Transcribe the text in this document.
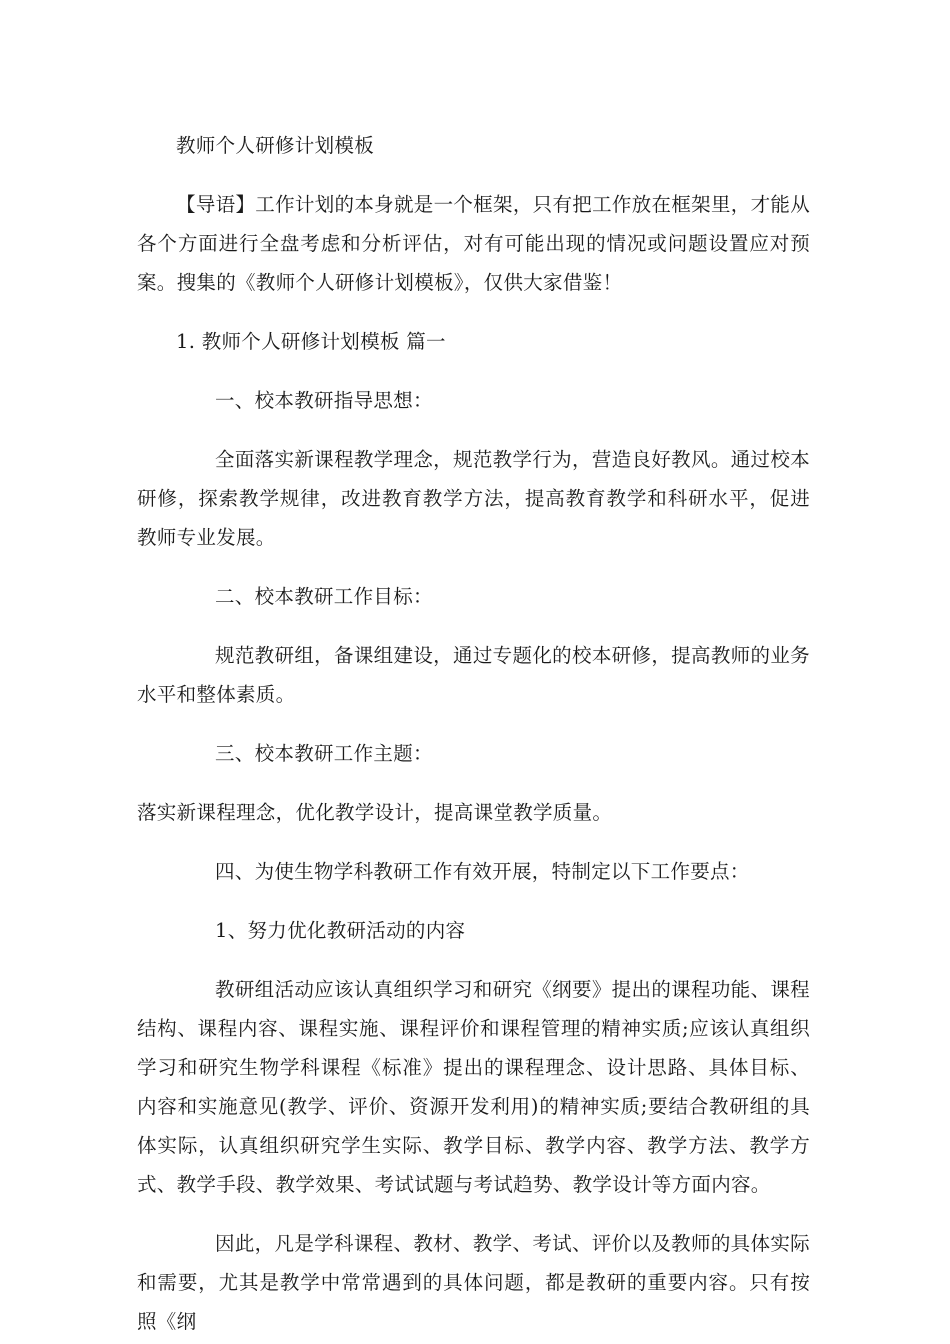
教师个人研修计划模板

【导语】工作计划的本身就是一个框架，只有把工作放在框架里，才能从各个方面进行全盘考虑和分析评估，对有可能出现的情况或问题设置应对预案。搜集的《教师个人研修计划模板》，仅供大家借鉴！

1. 教师个人研修计划模板 篇一

一、校本教研指导思想：

全面落实新课程教学理念，规范教学行为，营造良好教风。通过校本研修，探索教学规律，改进教育教学方法，提高教育教学和科研水平，促进教师专业发展。

二、校本教研工作目标：

规范教研组，备课组建设，通过专题化的校本研修，提高教师的业务水平和整体素质。

三、校本教研工作主题：

落实新课程理念，优化教学设计，提高课堂教学质量。

四、为使生物学科教研工作有效开展，特制定以下工作要点：

1、努力优化教研活动的内容

教研组活动应该认真组织学习和研究《纲要》提出的课程功能、课程结构、课程内容、课程实施、课程评价和课程管理的精神实质;应该认真组织学习和研究生物学科课程《标准》提出的课程理念、设计思路、具体目标、内容和实施意见(教学、评价、资源开发利用)的精神实质;要结合教研组的具体实际，认真组织研究学生实际、教学目标、教学内容、教学方法、教学方式、教学手段、教学效果、考试试题与考试趋势、教学设计等方面内容。

因此，凡是学科课程、教材、教学、考试、评价以及教师的具体实际和需要，尤其是教学中常常遇到的具体问题，都是教研的重要内容。只有按照《纲
